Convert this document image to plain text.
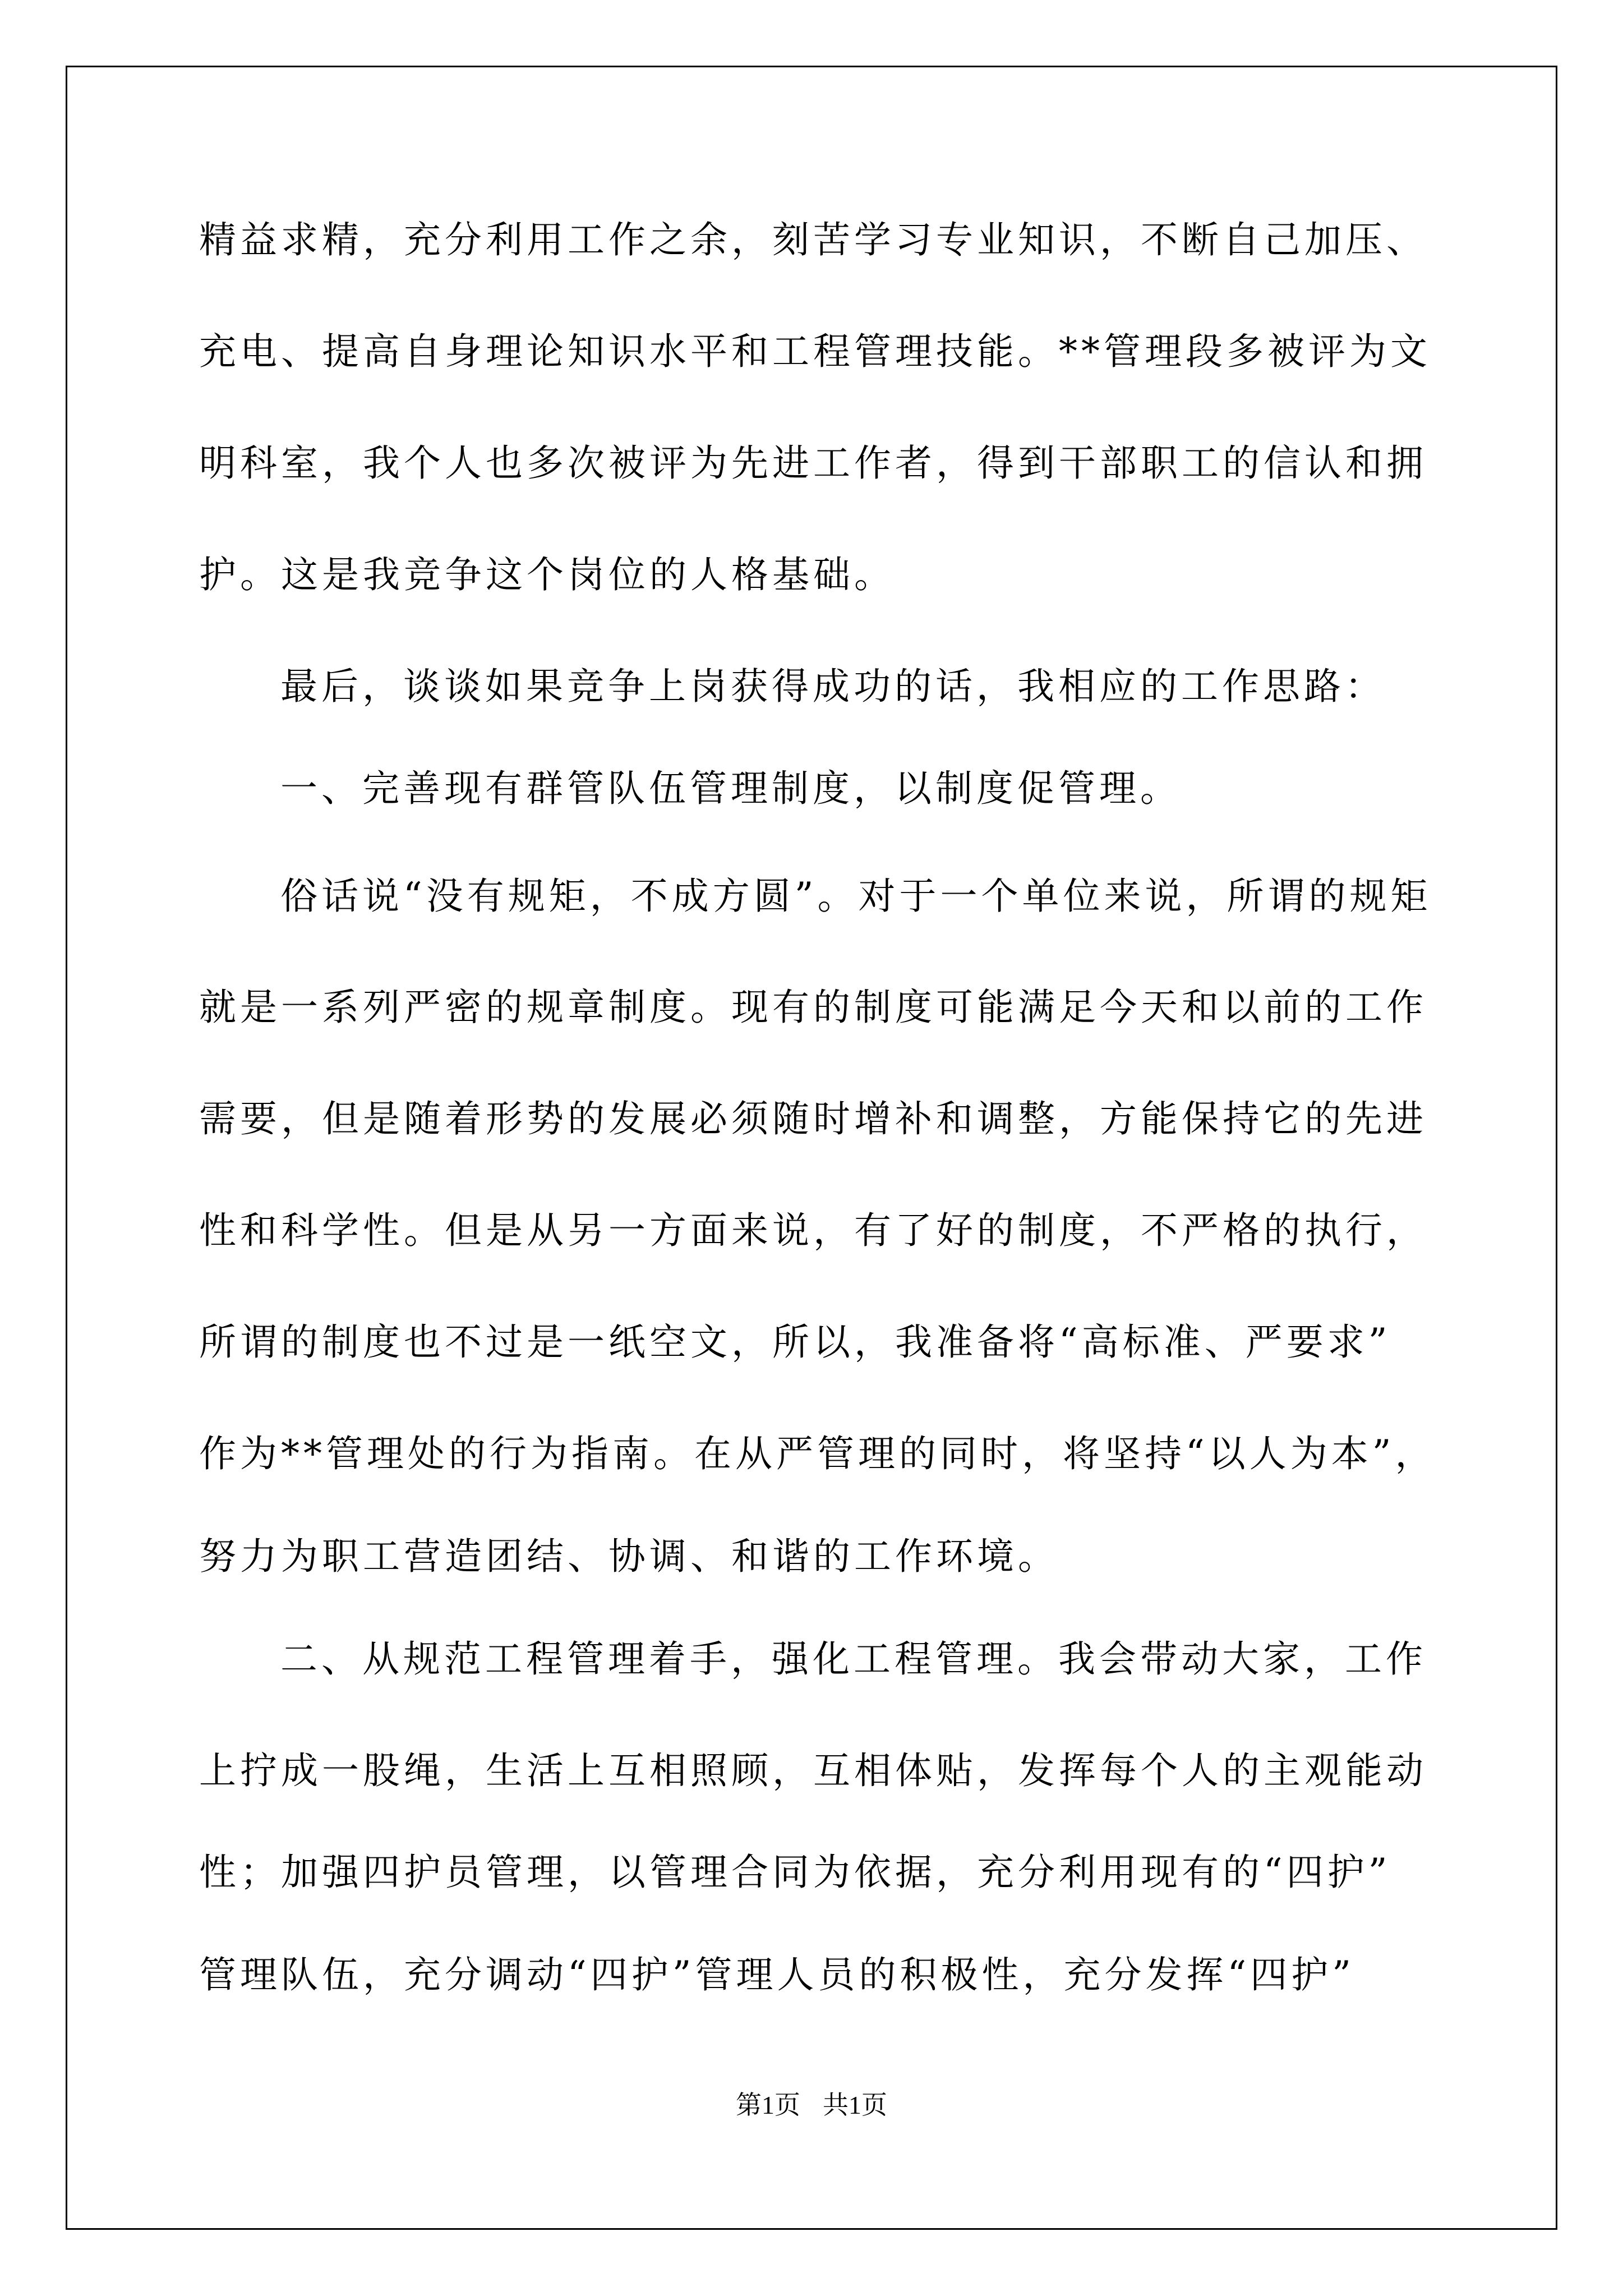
精益求精，充分利用工作之余，刻苦学习专业知识，不断自己加压、
充电、提高自身理论知识水平和工程管理技能。**管理段多被评为文
明科室，我个人也多次被评为先进工作者，得到干部职工的信认和拥
护。这是我竞争这个岗位的人格基础。
最后，谈谈如果竞争上岗获得成功的话，我相应的工作思路：
一、完善现有群管队伍管理制度，以制度促管理。
俗话说“没有规矩，不成方圆”。对于一个单位来说，所谓的规矩
就是一系列严密的规章制度。现有的制度可能满足今天和以前的工作
需要，但是随着形势的发展必须随时增补和调整，方能保持它的先进
性和科学性。但是从另一方面来说，有了好的制度，不严格的执行，
所谓的制度也不过是一纸空文，所以，我准备将“高标准、严要求”
作为**管理处的行为指南。在从严管理的同时，将坚持“以人为本”，
努力为职工营造团结、协调、和谐的工作环境。
二、从规范工程管理着手，强化工程管理。我会带动大家，工作
上拧成一股绳，生活上互相照顾，互相体贴，发挥每个人的主观能动
性；加强四护员管理，以管理合同为依据，充分利用现有的“四护”
管理队伍，充分调动“四护”管理人员的积极性，充分发挥“四护”
第1页 共1页
